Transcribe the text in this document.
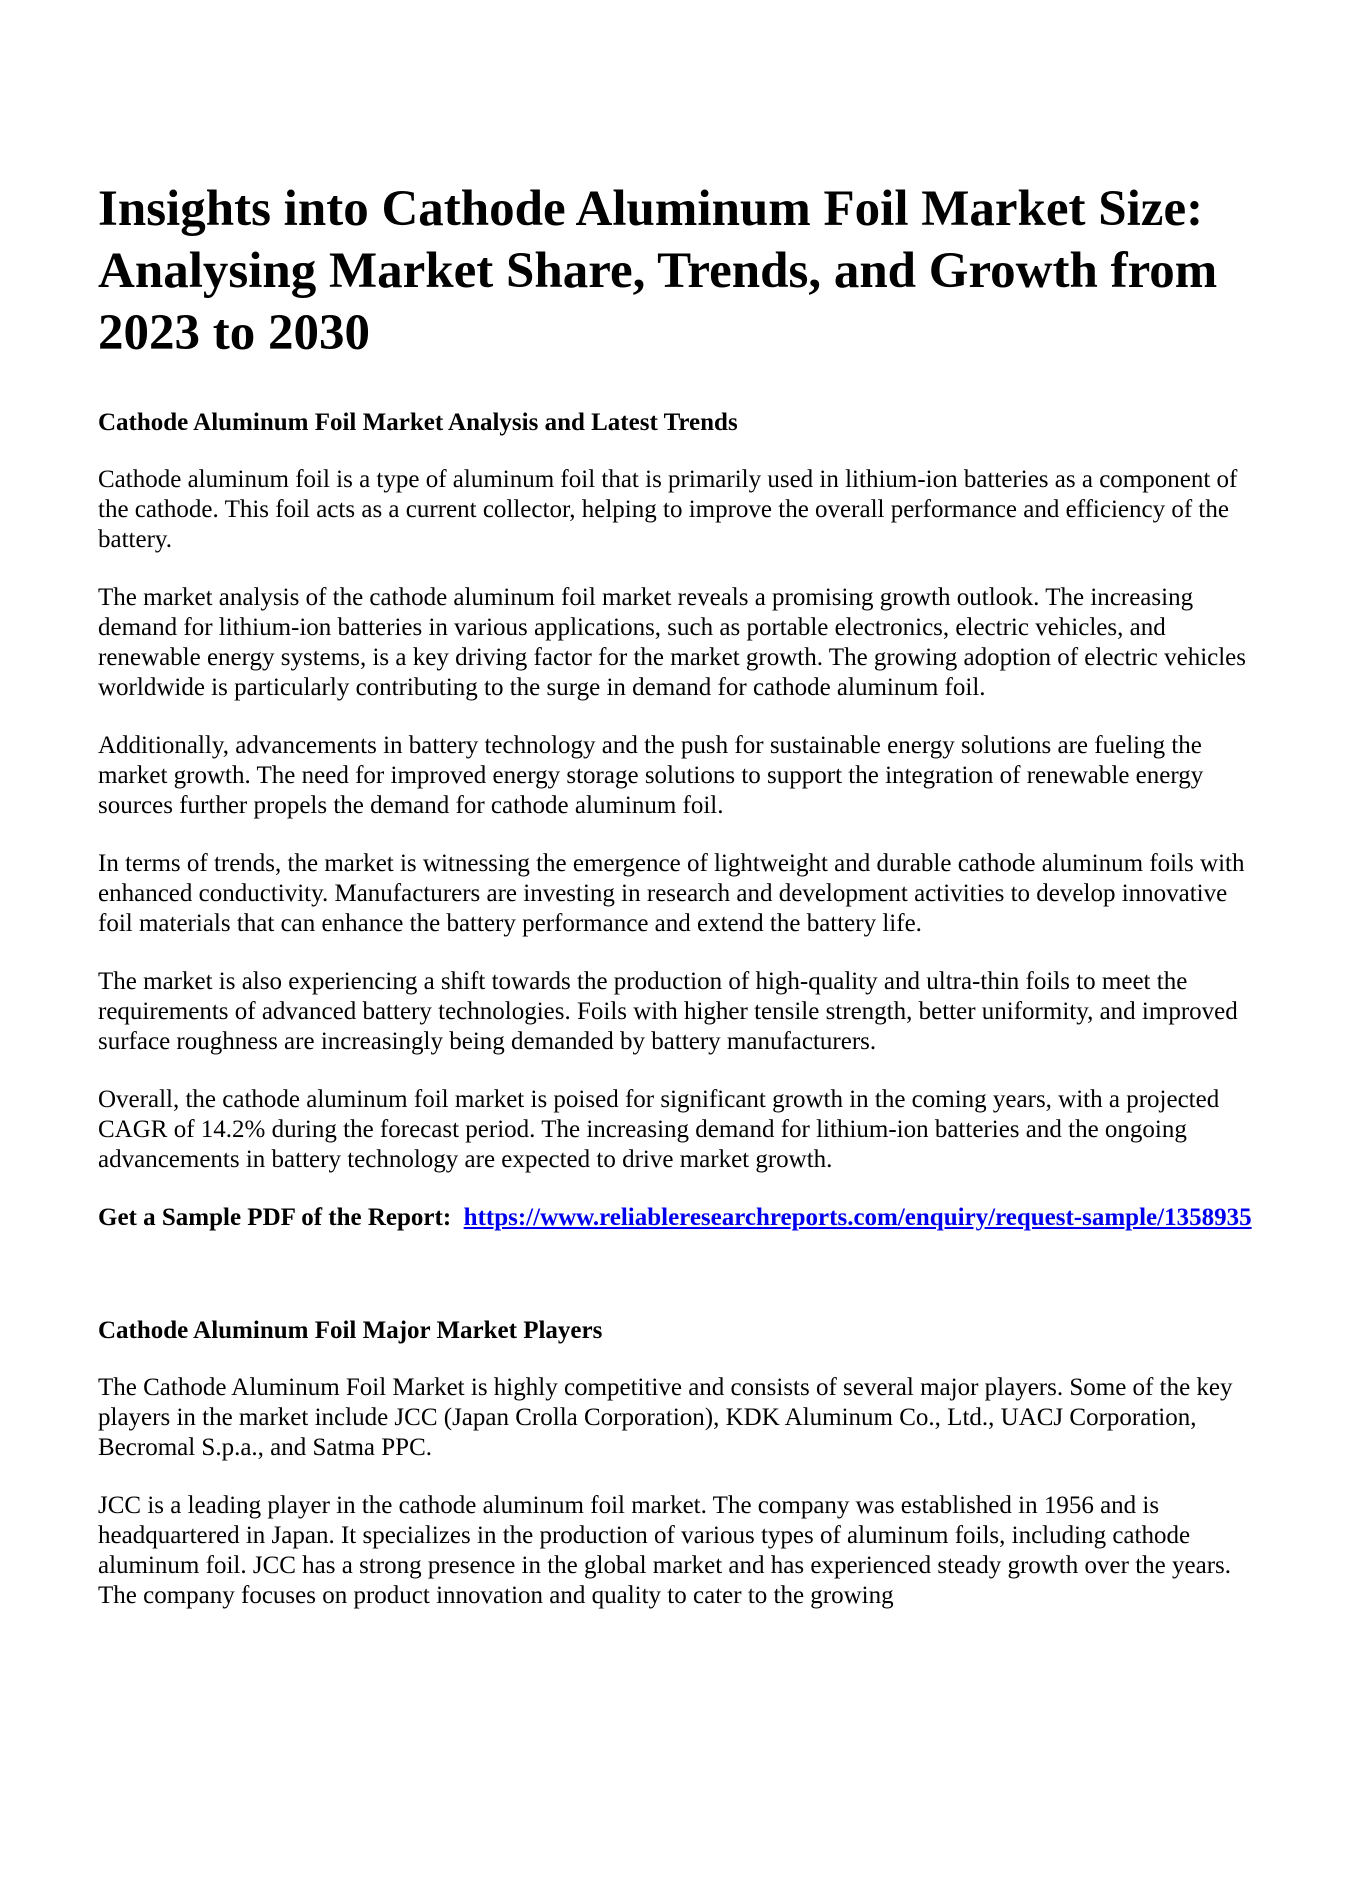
Insights into Cathode Aluminum Foil Market Size: Analysing Market Share, Trends, and Growth from 2023 to 2030
Cathode Aluminum Foil Market Analysis and Latest Trends

Cathode aluminum foil is a type of aluminum foil that is primarily used in lithium-ion batteries as a component of the cathode. This foil acts as a current collector, helping to improve the overall performance and efficiency of the battery.

The market analysis of the cathode aluminum foil market reveals a promising growth outlook. The increasing demand for lithium-ion batteries in various applications, such as portable electronics, electric vehicles, and renewable energy systems, is a key driving factor for the market growth. The growing adoption of electric vehicles worldwide is particularly contributing to the surge in demand for cathode aluminum foil.

Additionally, advancements in battery technology and the push for sustainable energy solutions are fueling the market growth. The need for improved energy storage solutions to support the integration of renewable energy sources further propels the demand for cathode aluminum foil.

In terms of trends, the market is witnessing the emergence of lightweight and durable cathode aluminum foils with enhanced conductivity. Manufacturers are investing in research and development activities to develop innovative foil materials that can enhance the battery performance and extend the battery life.

The market is also experiencing a shift towards the production of high-quality and ultra-thin foils to meet the requirements of advanced battery technologies. Foils with higher tensile strength, better uniformity, and improved surface roughness are increasingly being demanded by battery manufacturers.

Overall, the cathode aluminum foil market is poised for significant growth in the coming years, with a projected CAGR of 14.2% during the forecast period. The increasing demand for lithium-ion batteries and the ongoing advancements in battery technology are expected to drive market growth.

Get a Sample PDF of the Report: https://www.reliableresearchreports.com/enquiry/request-sample/1358935

Cathode Aluminum Foil Major Market Players

The Cathode Aluminum Foil Market is highly competitive and consists of several major players. Some of the key players in the market include JCC (Japan Crolla Corporation), KDK Aluminum Co., Ltd., UACJ Corporation, Becromal S.p.a., and Satma PPC.

JCC is a leading player in the cathode aluminum foil market. The company was established in 1956 and is headquartered in Japan. It specializes in the production of various types of aluminum foils, including cathode aluminum foil. JCC has a strong presence in the global market and has experienced steady growth over the years. The company focuses on product innovation and quality to cater to the growing
